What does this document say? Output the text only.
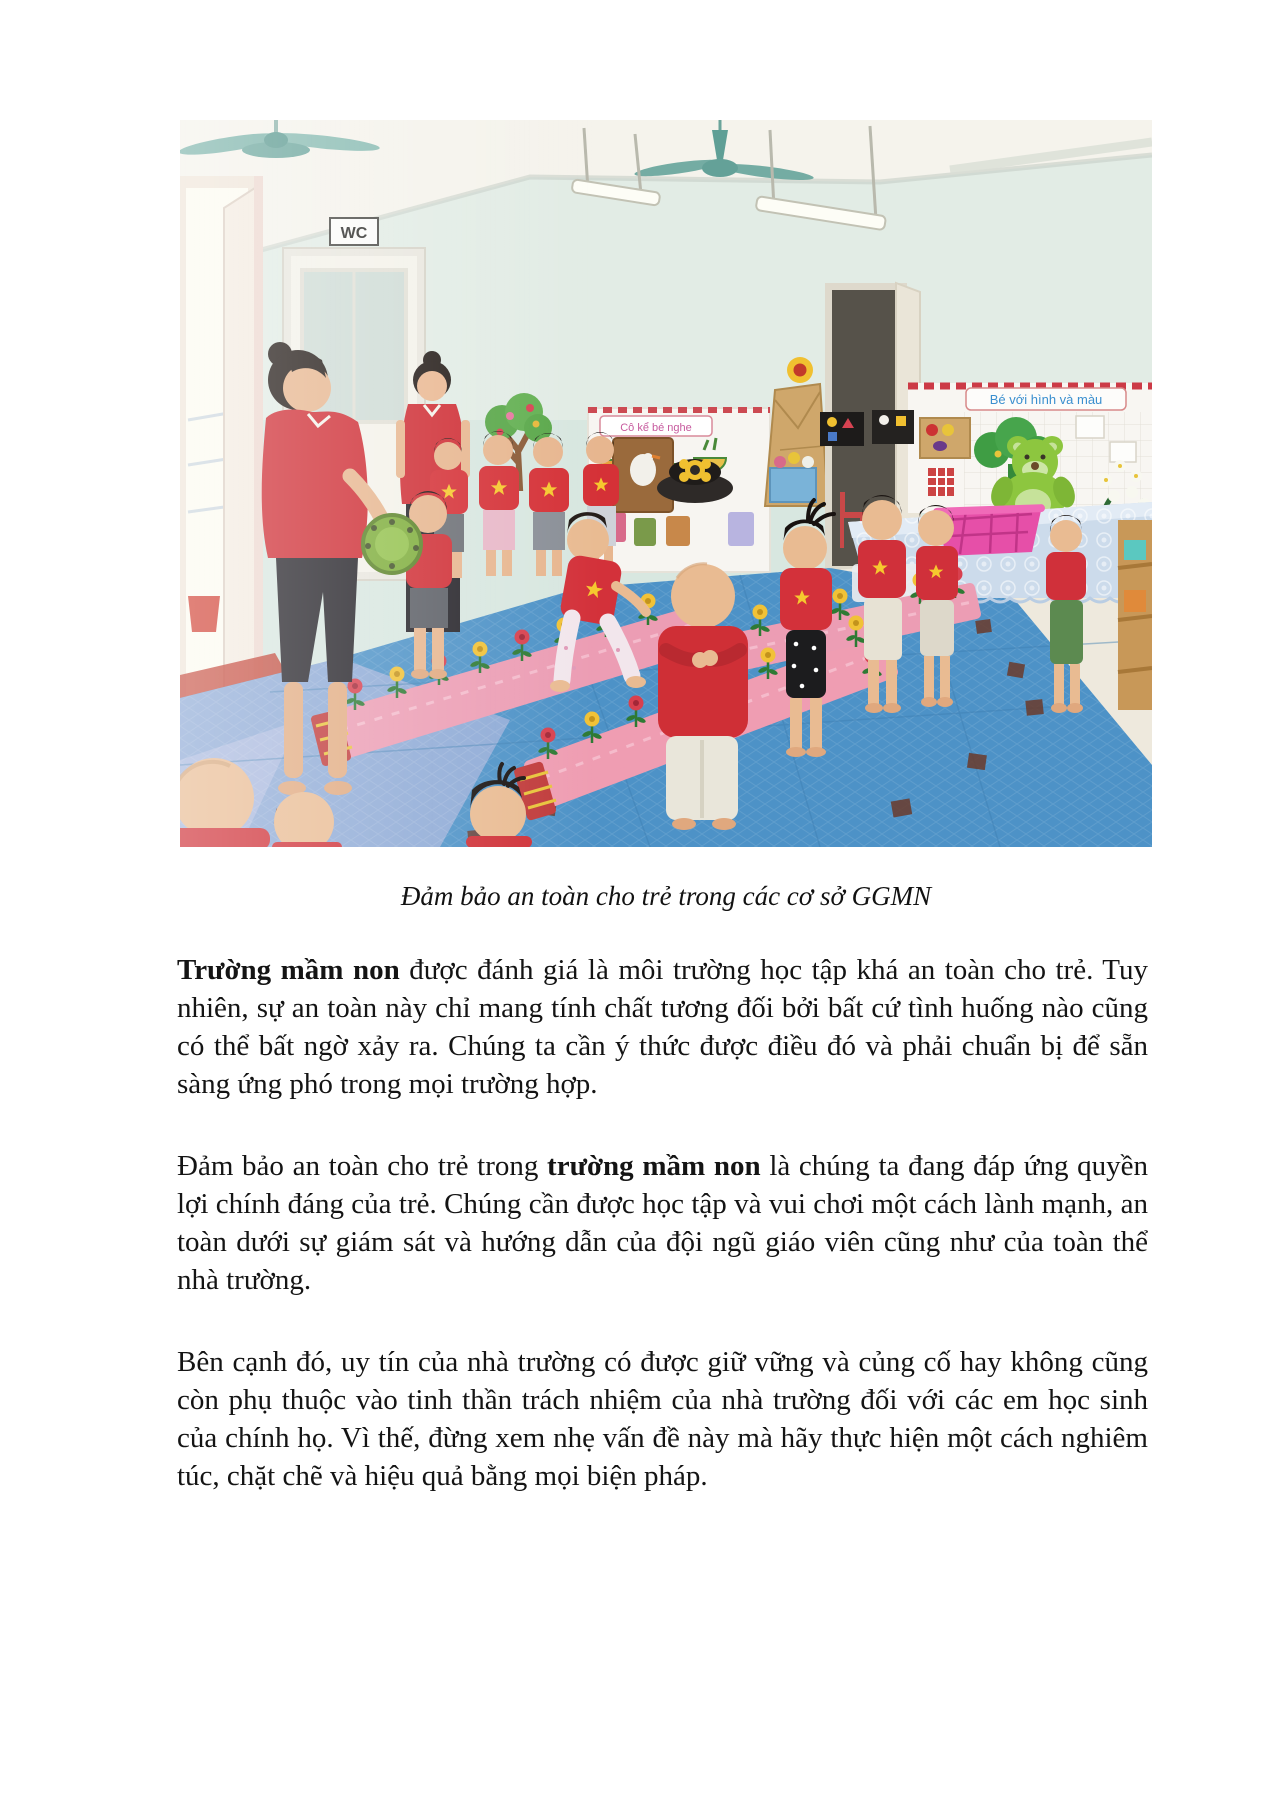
Cô kể bé nghe
Bé với hình và màu
Đảm bảo an toàn cho trẻ trong các cơ sở GGMN

Trường mầm non được đánh giá là môi trường học tập khá an toàn cho trẻ. Tuy nhiên, sự an toàn này chỉ mang tính chất tương đối bởi bất cứ tình huống nào cũng có thể bất ngờ xảy ra. Chúng ta cần ý thức được điều đó và phải chuẩn bị để sẵn sàng ứng phó trong mọi trường hợp.

Đảm bảo an toàn cho trẻ trong trường mầm non là chúng ta đang đáp ứng quyền lợi chính đáng của trẻ. Chúng cần được học tập và vui chơi một cách lành mạnh, an toàn dưới sự giám sát và hướng dẫn của đội ngũ giáo viên cũng như của toàn thể nhà trường.

Bên cạnh đó, uy tín của nhà trường có được giữ vững và củng cố hay không cũng còn phụ thuộc vào tinh thần trách nhiệm của nhà trường đối với các em học sinh của chính họ. Vì thế, đừng xem nhẹ vấn đề này mà hãy thực hiện một cách nghiêm túc, chặt chẽ và hiệu quả bằng mọi biện pháp.
